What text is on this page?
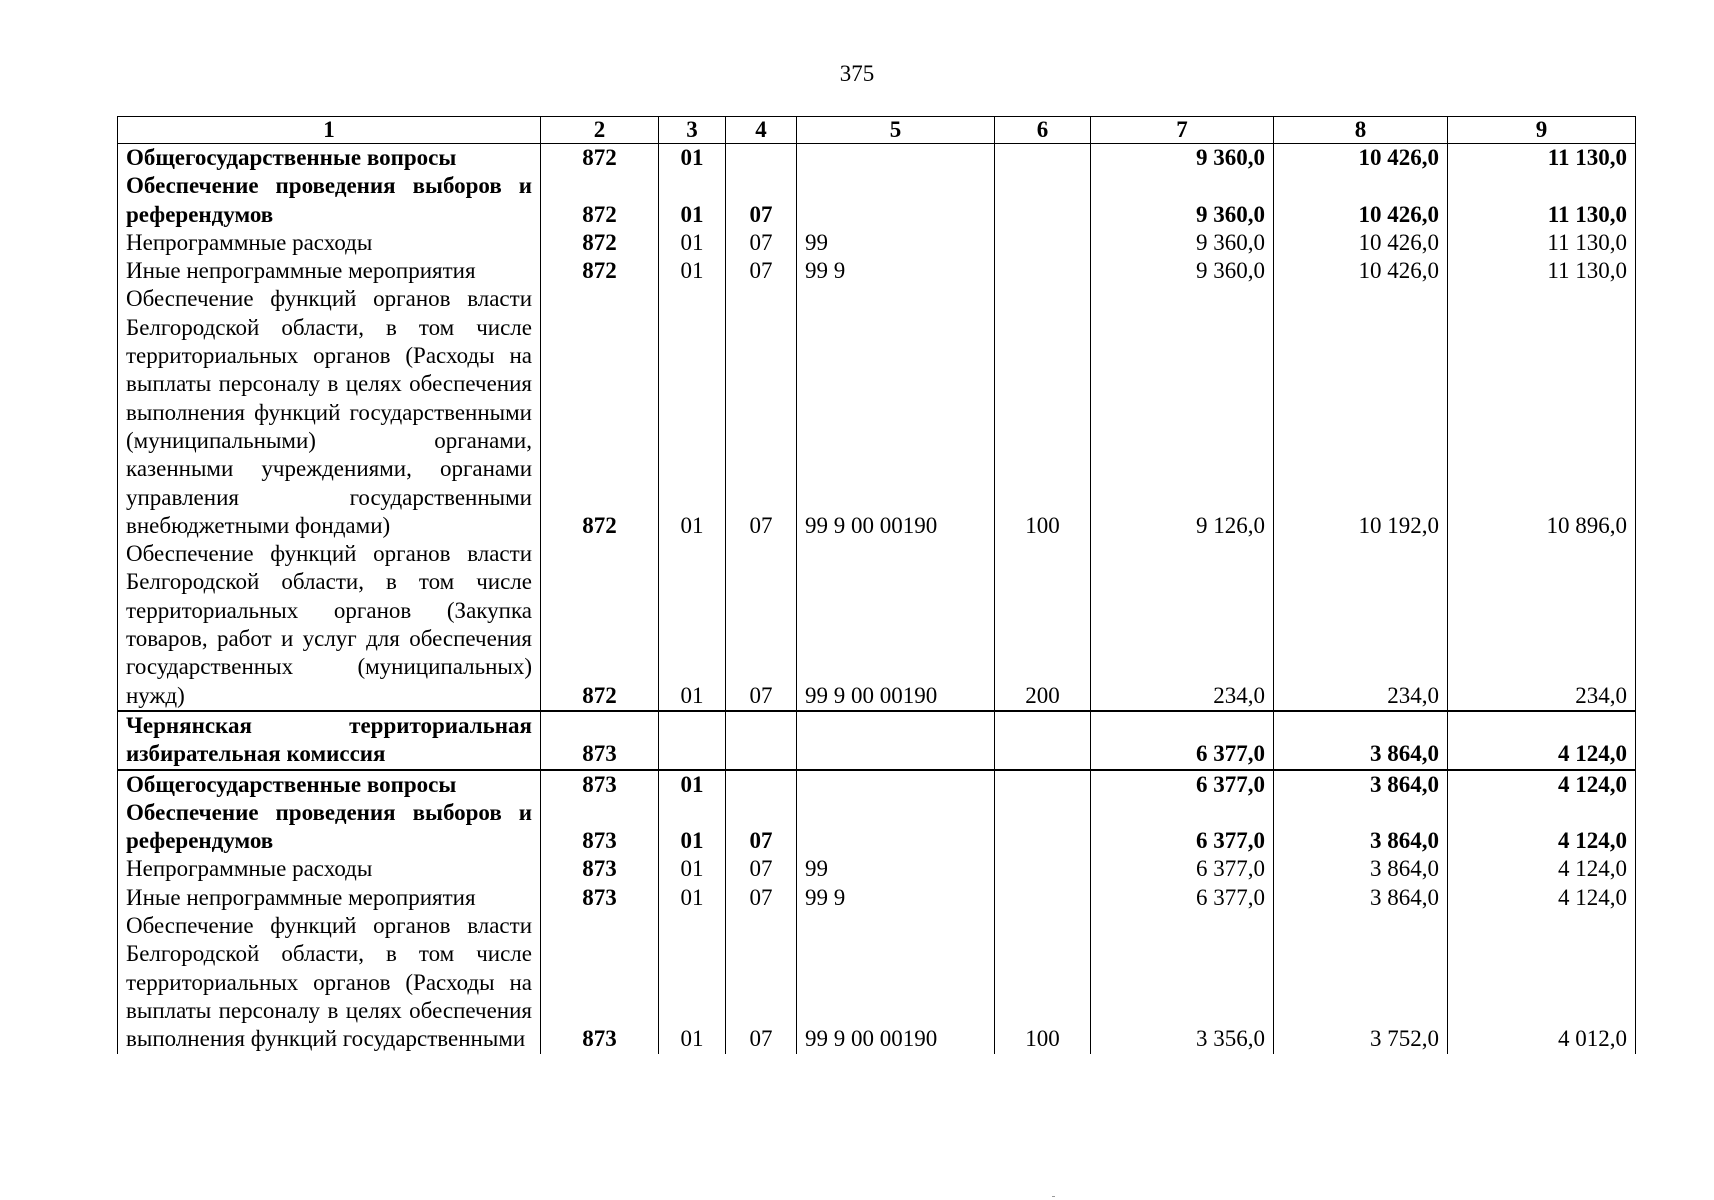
375
1	2	3	4	5	6	7	8	9
Общегосударственные вопросы	872	01				9 360,0	10 426,0	11 130,0
Обеспечение проведения выборов и референдумов	872	01	07			9 360,0	10 426,0	11 130,0
Непрограммные расходы	872	01	07	99		9 360,0	10 426,0	11 130,0
Иные непрограммные мероприятия	872	01	07	99 9		9 360,0	10 426,0	11 130,0
Обеспечение функций органов власти Белгородской области, в том числе территориальных органов (Расходы на выплаты персоналу в целях обеспечения выполнения функций государственными (муниципальными) органами, казенными учреждениями, органами управления государственными внебюджетными фондами)	872	01	07	99 9 00 00190	100	9 126,0	10 192,0	10 896,0
Обеспечение функций органов власти Белгородской области, в том числе территориальных органов (Закупка товаров, работ и услуг для обеспечения государственных (муниципальных) нужд)	872	01	07	99 9 00 00190	200	234,0	234,0	234,0
Чернянская территориальная избирательная комиссия	873					6 377,0	3 864,0	4 124,0
Общегосударственные вопросы	873	01				6 377,0	3 864,0	4 124,0
Обеспечение проведения выборов и референдумов	873	01	07			6 377,0	3 864,0	4 124,0
Непрограммные расходы	873	01	07	99		6 377,0	3 864,0	4 124,0
Иные непрограммные мероприятия	873	01	07	99 9		6 377,0	3 864,0	4 124,0
Обеспечение функций органов власти Белгородской области, в том числе территориальных органов (Расходы на выплаты персоналу в целях обеспечения выполнения функций государственными	873	01	07	99 9 00 00190	100	3 356,0	3 752,0	4 012,0
